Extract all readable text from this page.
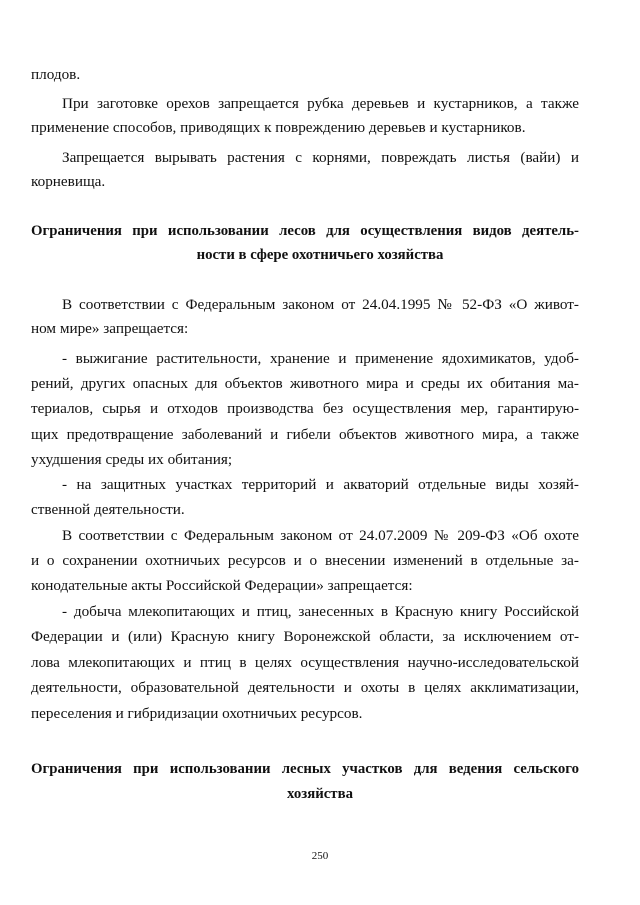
плодов.
При заготовке орехов запрещается рубка деревьев и кустарников, а также
применение способов, приводящих к повреждению деревьев и кустарников.
Запрещается вырывать растения с корнями, повреждать листья (вайи) и
корневища.
Ограничения при использовании лесов для осуществления видов деятель-
ности в сфере охотничьего хозяйства
В соответствии с Федеральным законом от 24.04.1995 № 52-ФЗ «О живот-
ном мире» запрещается:
- выжигание растительности, хранение и применение ядохимикатов, удоб-
рений, других опасных для объектов животного мира и среды их обитания ма-
териалов, сырья и отходов производства без осуществления мер, гарантирую-
щих предотвращение заболеваний и гибели объектов животного мира, а также
ухудшения среды их обитания;
- на защитных участках территорий и акваторий отдельные виды хозяй-
ственной деятельности.
В соответствии с Федеральным законом от 24.07.2009 № 209-ФЗ «Об охоте
и о сохранении охотничьих ресурсов и о внесении изменений в отдельные за-
конодательные акты Российской Федерации» запрещается:
- добыча млекопитающих и птиц, занесенных в Красную книгу Российской
Федерации и (или) Красную книгу Воронежской области, за исключением от-
лова млекопитающих и птиц в целях осуществления научно-исследовательской
деятельности, образовательной деятельности и охоты в целях акклиматизации,
переселения и гибридизации охотничьих ресурсов.
Ограничения при использовании лесных участков для ведения сельского
хозяйства
250
